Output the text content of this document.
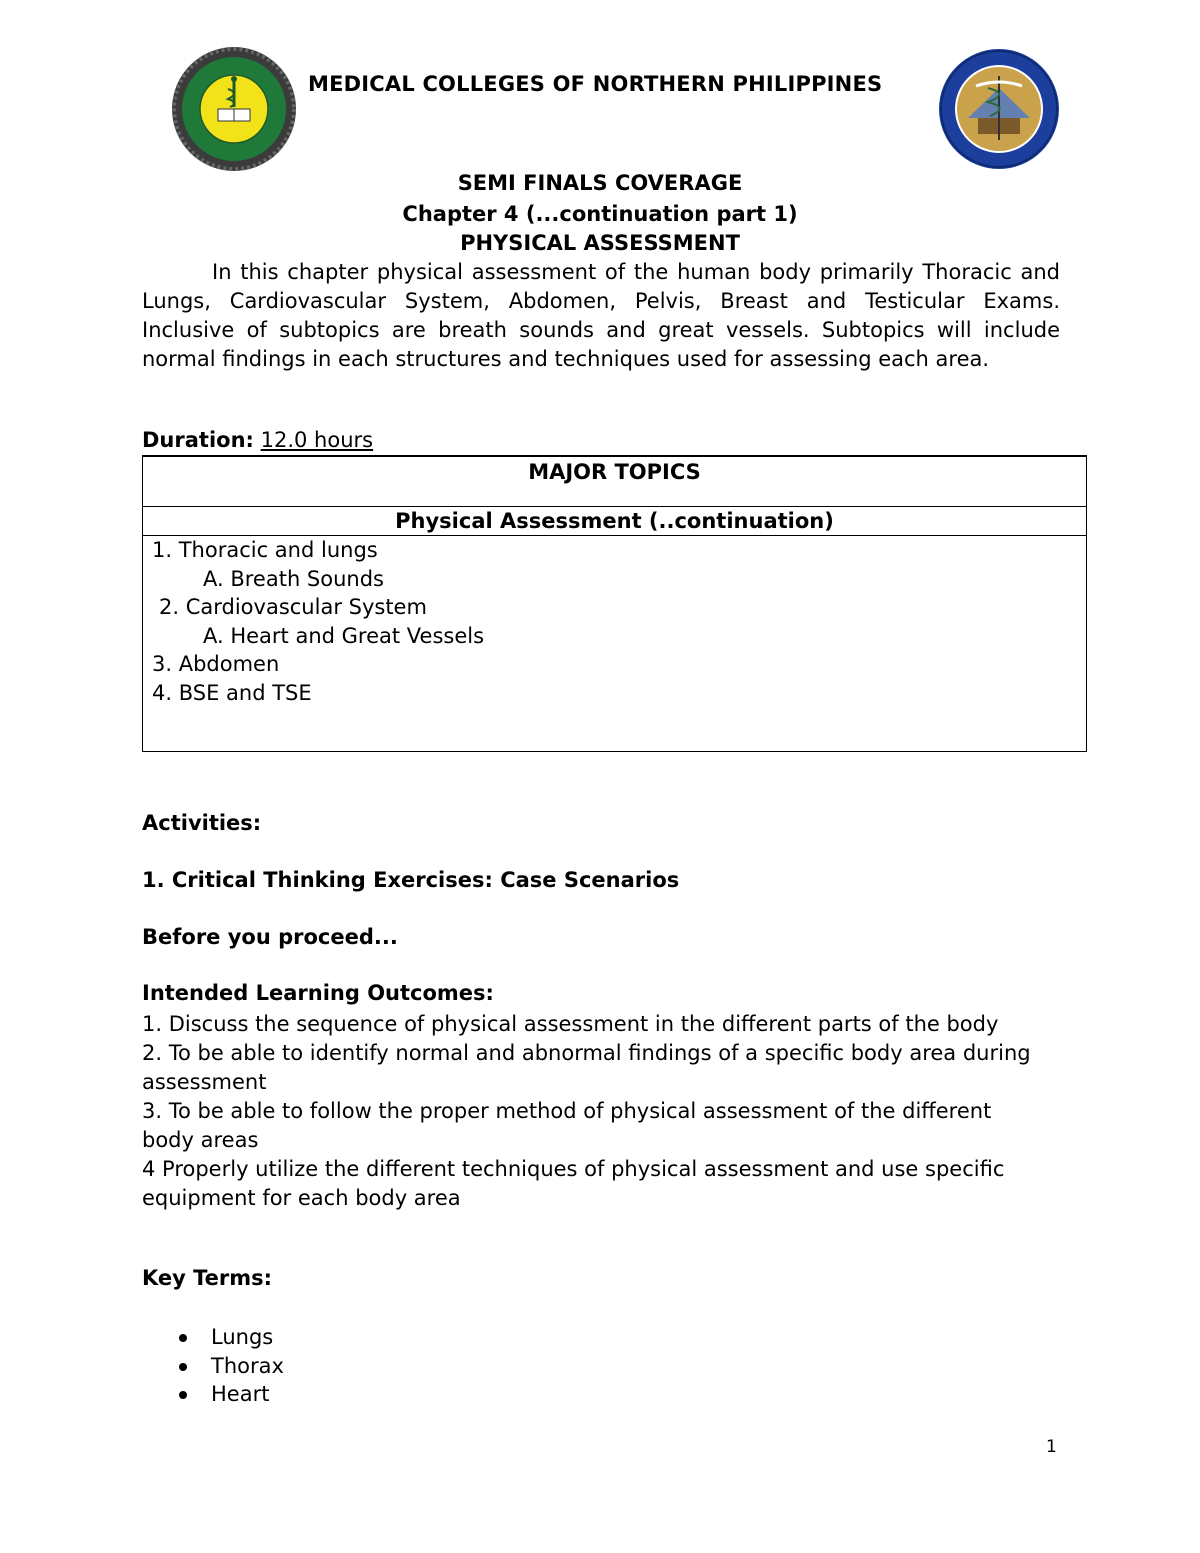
MEDICAL COLLEGES OF NORTHERN PHILIPPINES
SEMI FINALS COVERAGE
Chapter 4 (...continuation part 1)
PHYSICAL ASSESSMENT
In this chapter physical assessment of the human body primarily Thoracic and Lungs, Cardiovascular System, Abdomen, Pelvis, Breast and Testicular Exams. Inclusive of subtopics are breath sounds and great vessels. Subtopics will include normal findings in each structures and techniques used for assessing each area.
Duration: 12.0 hours
MAJOR TOPICS
Physical Assessment (..continuation)

1. Thoracic and lungs
A. Breath Sounds
2. Cardiovascular System
A. Heart and Great Vessels
3. Abdomen
4. BSE and TSE
Activities:
1. Critical Thinking Exercises: Case Scenarios
Before you proceed...
Intended Learning Outcomes:
1. Discuss the sequence of physical assessment in the different parts of the body
2. To be able to identify normal and abnormal findings of a specific body area during assessment
3. To be able to follow the proper method of physical assessment of the different body areas
4 Properly utilize the different techniques of physical assessment and use specific equipment for each body area
Key Terms:
Lungs
Thorax
Heart
1
